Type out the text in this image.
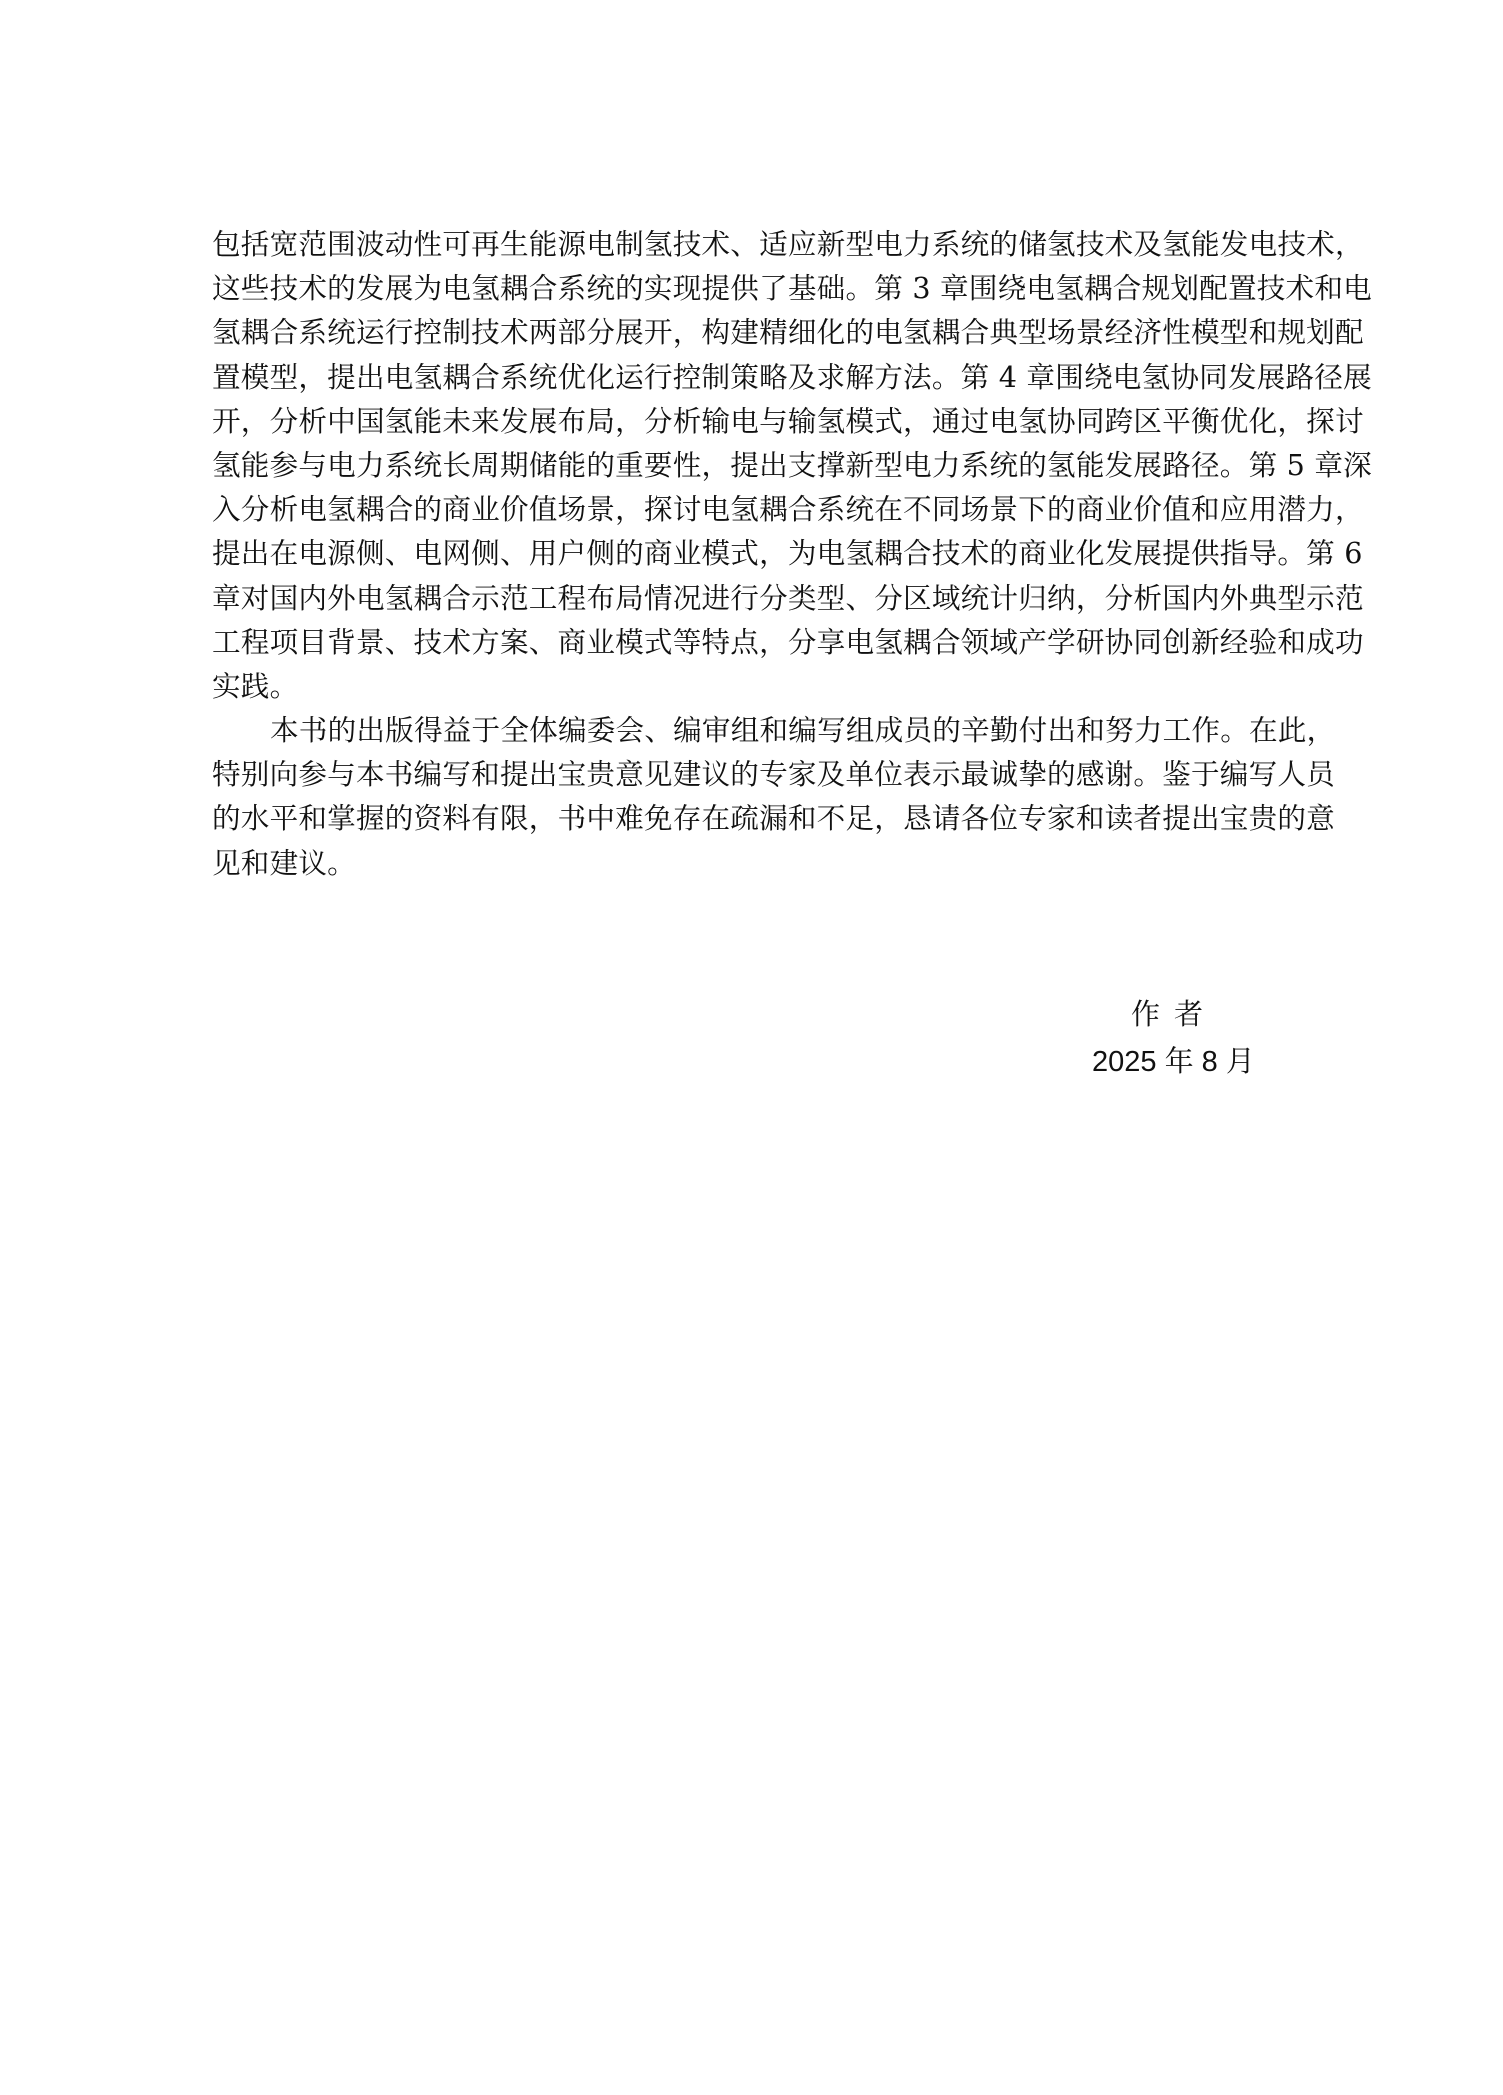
包括宽范围波动性可再生能源电制氢技术、适应新型电力系统的储氢技术及氢能发电技术，
这些技术的发展为电氢耦合系统的实现提供了基础。第 3 章围绕电氢耦合规划配置技术和电
氢耦合系统运行控制技术两部分展开，构建精细化的电氢耦合典型场景经济性模型和规划配
置模型，提出电氢耦合系统优化运行控制策略及求解方法。第 4 章围绕电氢协同发展路径展
开，分析中国氢能未来发展布局，分析输电与输氢模式，通过电氢协同跨区平衡优化，探讨
氢能参与电力系统长周期储能的重要性，提出支撑新型电力系统的氢能发展路径。第 5 章深
入分析电氢耦合的商业价值场景，探讨电氢耦合系统在不同场景下的商业价值和应用潜力，
提出在电源侧、电网侧、用户侧的商业模式，为电氢耦合技术的商业化发展提供指导。第 6
章对国内外电氢耦合示范工程布局情况进行分类型、分区域统计归纳，分析国内外典型示范
工程项目背景、技术方案、商业模式等特点，分享电氢耦合领域产学研协同创新经验和成功
实践。
本书的出版得益于全体编委会、编审组和编写组成员的辛勤付出和努力工作。在此，
特别向参与本书编写和提出宝贵意见建议的专家及单位表示最诚挚的感谢。鉴于编写人员
的水平和掌握的资料有限，书中难免存在疏漏和不足，恳请各位专家和读者提出宝贵的意
见和建议。
作者
2025 年 8 月
